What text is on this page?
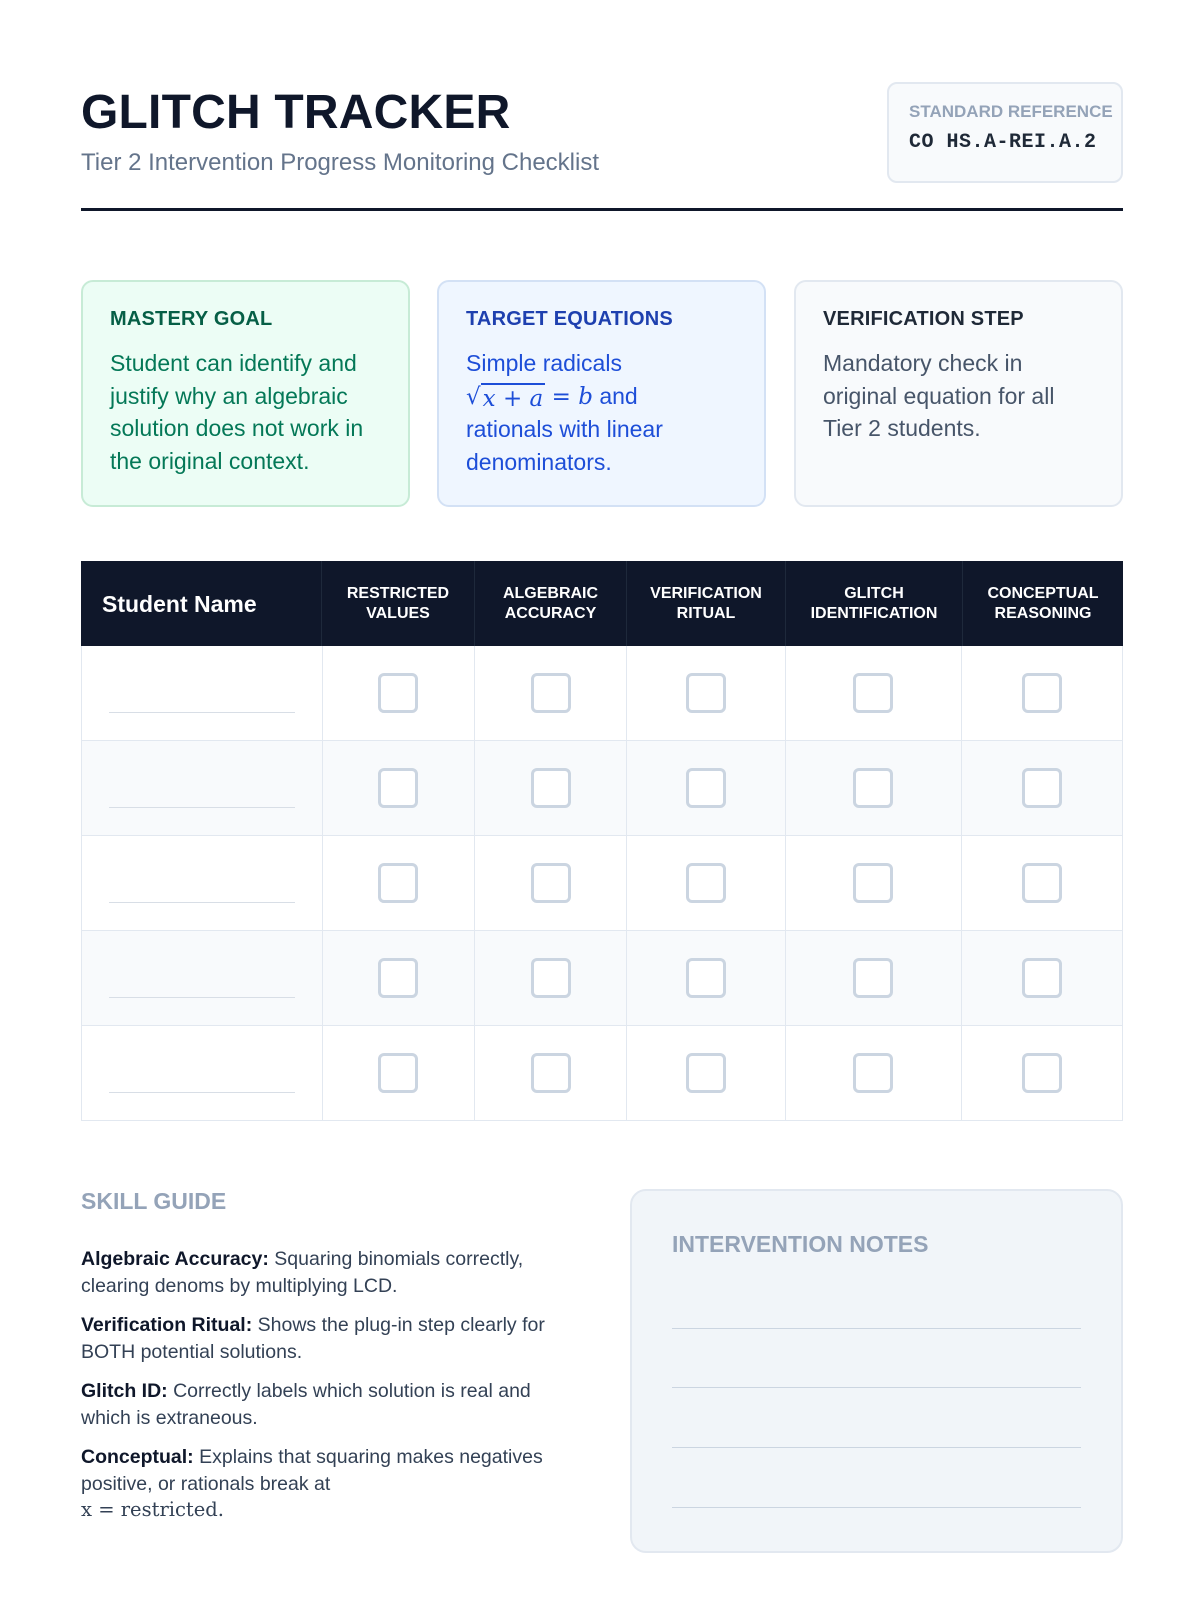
GLITCH TRACKER
Tier 2 Intervention Progress Monitoring Checklist
STANDARD REFERENCE
CO HS.A-REI.A.2
MASTERY GOAL
Student can identify and justify why an algebraic solution does not work in the original context.
TARGET EQUATIONS
Simple radicals

√ x + a = b and
rationals with linear denominators.
VERIFICATION STEP
Mandatory check in original equation for all Tier 2 students.
Student Name	RESTRICTED VALUES
ALGEBRAIC ACCURACY
VERIFICATION RITUAL
GLITCH IDENTIFICATION
CONCEPTUAL REASONING
SKILL GUIDE
Algebraic Accuracy: Squaring binomials correctly, clearing denoms by multiplying LCD.
Verification Ritual: Shows the plug-in step clearly for BOTH potential solutions.
Glitch ID: Correctly labels which solution is real and which is extraneous.
Conceptual: Explains that squaring makes negatives positive, or rationals break at
x = restricted.
INTERVENTION NOTES
